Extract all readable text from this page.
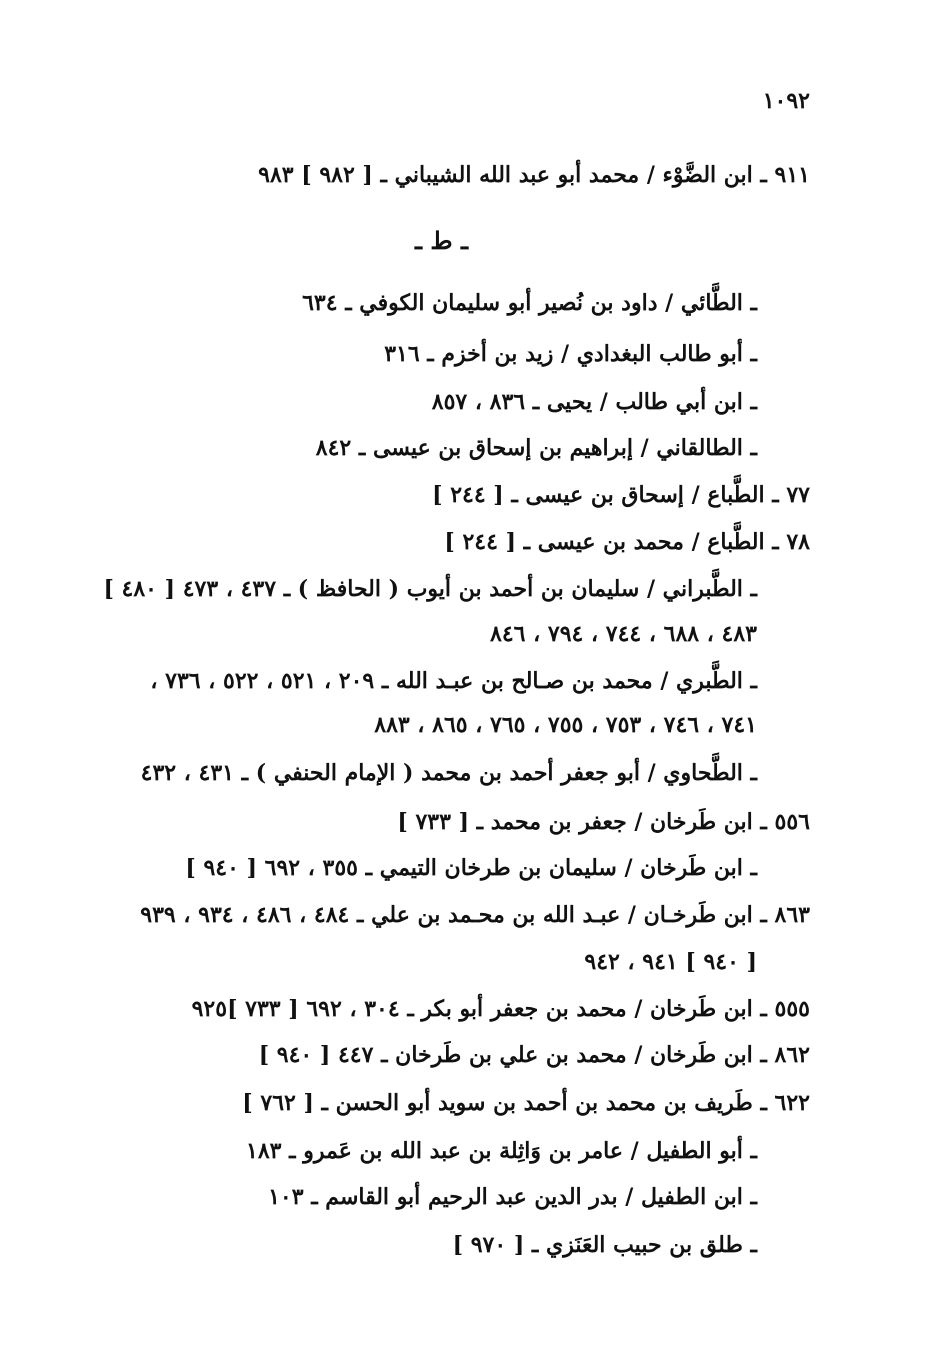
١٠٩٢
٩١١ ـ ابن الضَّوْء / محمد أبو عبد الله الشيباني ـ [ ٩٨٢ ] ٩٨٣
ـ ط ـ
ـ الطَّائي / داود بن نُصير أبو سليمان الكوفي ـ ٦٣٤
ـ أبو طالب البغدادي / زيد بن أخزم ـ ٣١٦
ـ ابن أبي طالب / يحيى ـ ٨٣٦ ، ٨٥٧
ـ الطالقاني / إبراهيم بن إسحاق بن عيسى ـ ٨٤٢
٧٧ ـ الطَّباع / إسحاق بن عيسى ـ [ ٢٤٤ ]
٧٨ ـ الطَّباع / محمد بن عيسى ـ [ ٢٤٤ ]
ـ الطَّبراني / سليمان بن أحمد بن أيوب ( الحافظ ) ـ ٤٣٧ ، ٤٧٣ [ ٤٨٠ ]
٤٨٣ ، ٦٨٨ ، ٧٤٤ ، ٧٩٤ ، ٨٤٦
ـ الطَّبري / محمد بن صـالح بن عبـد الله ـ ٢٠٩ ، ٥٢١ ، ٥٢٢ ، ٧٣٦ ،
٧٤١ ، ٧٤٦ ، ٧٥٣ ، ٧٥٥ ، ٧٦٥ ، ٨٦٥ ، ٨٨٣
ـ الطَّحاوي / أبو جعفر أحمد بن محمد ( الإمام الحنفي ) ـ ٤٣١ ، ٤٣٢
٥٥٦ ـ ابن طَرخان / جعفر بن محمد ـ [ ٧٣٣ ]
ـ ابن طَرخان / سليمان بن طرخان التيمي ـ ٣٥٥ ، ٦٩٢ [ ٩٤٠ ]
٨٦٣ ـ ابن طَرخـان / عبـد الله بن محـمد بن علي ـ ٤٨٤ ، ٤٨٦ ، ٩٣٤ ، ٩٣٩
[ ٩٤٠ ] ٩٤١ ، ٩٤٢
٥٥٥ ـ ابن طَرخان / محمد بن جعفر أبو بكر ـ ٣٠٤ ، ٦٩٢ [ ٧٣٣ ]٩٢٥
٨٦٢ ـ ابن طَرخان / محمد بن علي بن طَرخان ـ ٤٤٧ [ ٩٤٠ ]
٦٢٢ ـ طَريف بن محمد بن أحمد بن سويد أبو الحسن ـ [ ٧٦٢ ]
ـ أبو الطفيل / عامر بن وَاثِلة بن عبد الله بن عَمرو ـ ١٨٣
ـ ابن الطفيل / بدر الدين عبد الرحيم أبو القاسم ـ ١٠٣
ـ طلق بن حبيب العَنَزي ـ [ ٩٧٠ ]
